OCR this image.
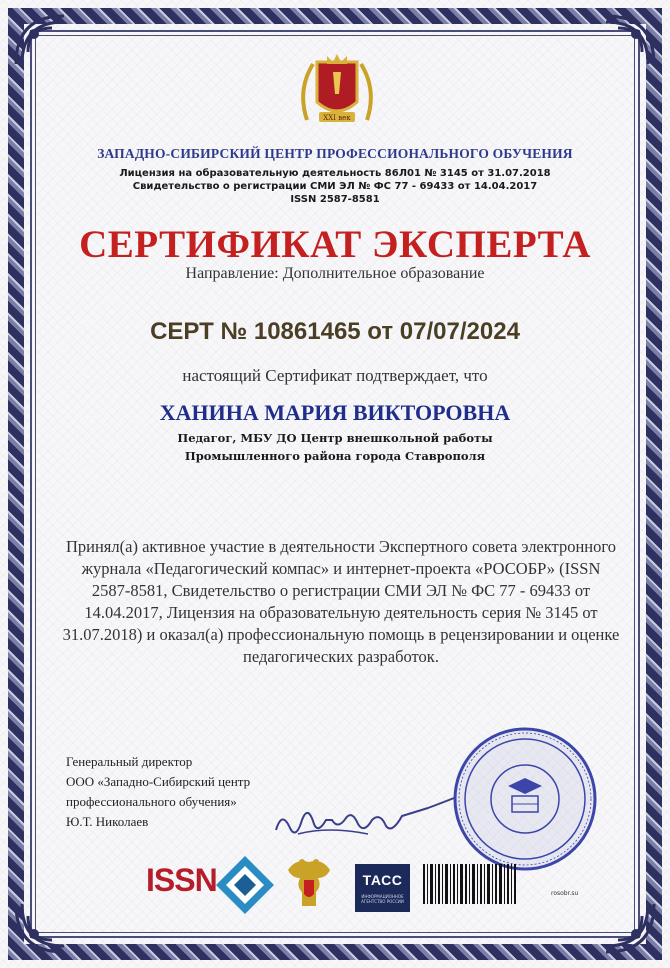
XXI век
ЗАПАДНО-СИБИРСКИЙ ЦЕНТР ПРОФЕССИОНАЛЬНОГО ОБУЧЕНИЯ
Лицензия на образовательную деятельность 86Л01 № 3145 от 31.07.2018
Свидетельство о регистрации СМИ ЭЛ № ФС 77 - 69433 от 14.04.2017
ISSN 2587-8581
СЕРТИФИКАТ ЭКСПЕРТА
Направление: Дополнительное образование
СЕРТ № 10861465 от 07/07/2024
настоящий Сертификат подтверждает, что
ХАНИНА МАРИЯ ВИКТОРОВНА
Педагог, МБУ ДО Центр внешкольной работы
Промышленного района города Ставрополя
Принял(а) активное участие в деятельности Экспертного совета электронного журнала «Педагогический компас» и интернет-проекта «РОСОБР» (ISSN 2587-8581, Свидетельство о регистрации СМИ ЭЛ № ФС 77 - 69433 от 14.04.2017, Лицензия на образовательную деятельность серия № 3145 от 31.07.2018) и оказал(а) профессиональную помощь в рецензировании и оценке педагогических разработок.
Генеральный директор
ООО «Западно-Сибирский центр
профессионального обучения»
Ю.Т. Николаев
ISSN	ТАСС
ИНФОРМАЦИОННОЕ АГЕНТСТВО РОССИИ
rosobr.su
